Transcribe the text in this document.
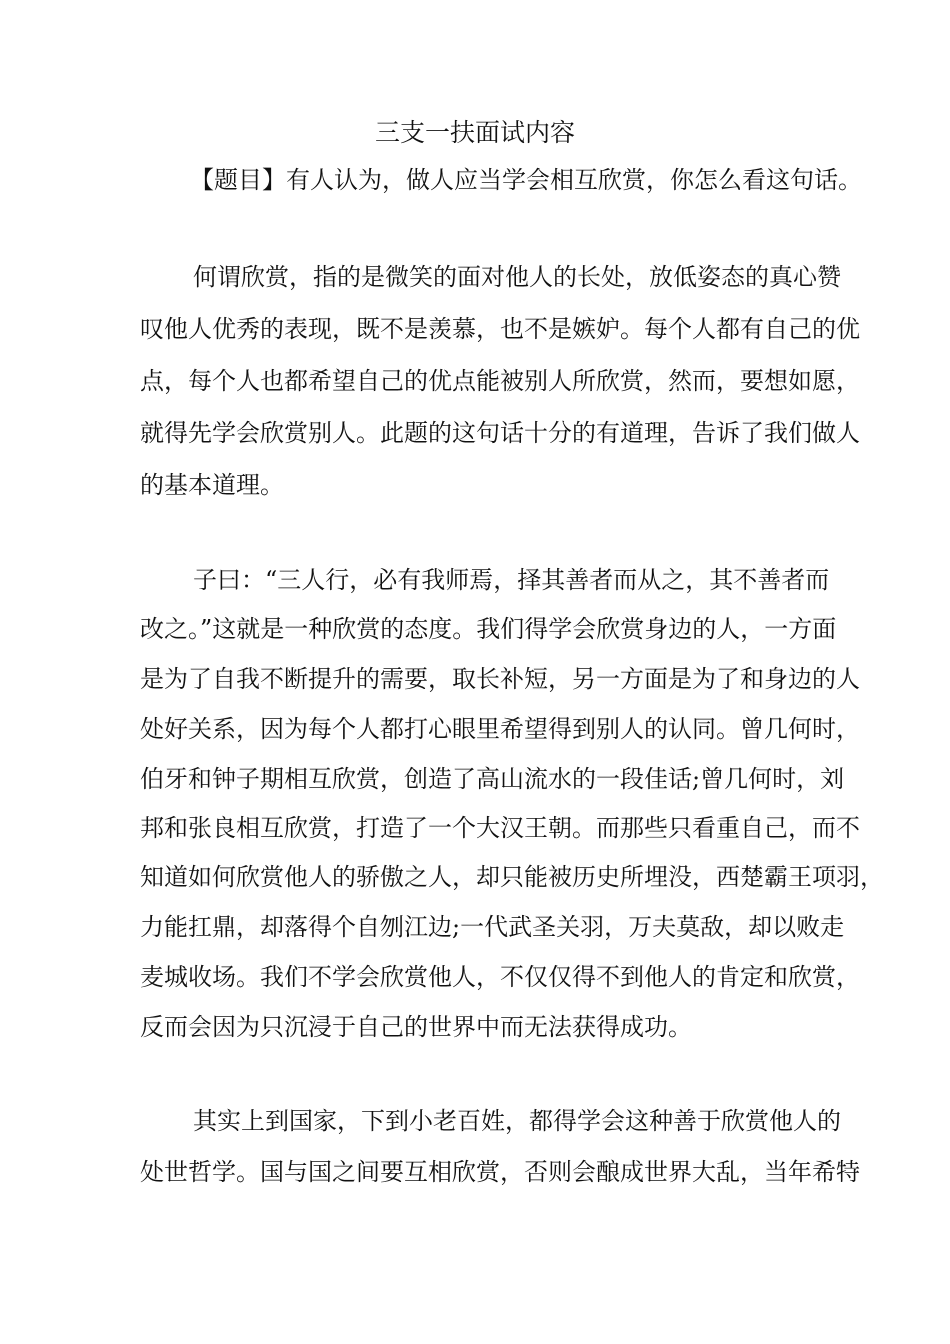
三支一扶面试内容
【题目】有人认为，做人应当学会相互欣赏，你怎么看这句话。
何谓欣赏，指的是微笑的面对他人的长处，放低姿态的真心赞
叹他人优秀的表现，既不是羡慕，也不是嫉妒。每个人都有自己的优
点，每个人也都希望自己的优点能被别人所欣赏，然而，要想如愿，
就得先学会欣赏别人。此题的这句话十分的有道理，告诉了我们做人
的基本道理。
子曰：“三人行，必有我师焉，择其善者而从之，其不善者而
改之。”这就是一种欣赏的态度。我们得学会欣赏身边的人，一方面
是为了自我不断提升的需要，取长补短，另一方面是为了和身边的人
处好关系，因为每个人都打心眼里希望得到别人的认同。曾几何时，
伯牙和钟子期相互欣赏，创造了高山流水的一段佳话;曾几何时，刘
邦和张良相互欣赏，打造了一个大汉王朝。而那些只看重自己，而不
知道如何欣赏他人的骄傲之人，却只能被历史所埋没，西楚霸王项羽，
力能扛鼎，却落得个自刎江边;一代武圣关羽，万夫莫敌，却以败走
麦城收场。我们不学会欣赏他人，不仅仅得不到他人的肯定和欣赏，
反而会因为只沉浸于自己的世界中而无法获得成功。
其实上到国家，下到小老百姓，都得学会这种善于欣赏他人的
处世哲学。国与国之间要互相欣赏，否则会酿成世界大乱，当年希特
